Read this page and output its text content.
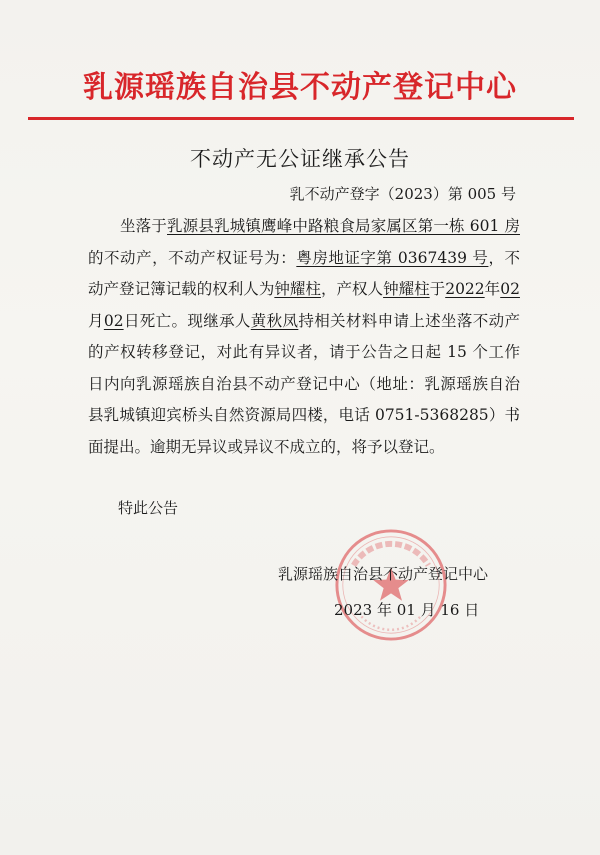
乳源瑶族自治县不动产登记中心
不动产无公证继承公告
乳不动产登字（2023）第 005 号

坐落于乳源县乳城镇鹰峰中路粮食局家属区第一栋 601 房的不动产，不动产权证号为：粤房地证字第 0367439 号，不动产登记簿记载的权利人为钟耀柱，产权人钟耀柱于2022年02月02日死亡。现继承人黄秋凤持相关材料申请上述坐落不动产的产权转移登记，对此有异议者，请于公告之日起 15 个工作日内向乳源瑶族自治县不动产登记中心（地址：乳源瑶族自治县乳城镇迎宾桥头自然资源局四楼，电话 0751-5368285）书面提出。逾期无异议或异议不成立的，将予以登记。

特此公告
乳源瑶族自治县不动产登记中心
2023 年 01 月 16 日
